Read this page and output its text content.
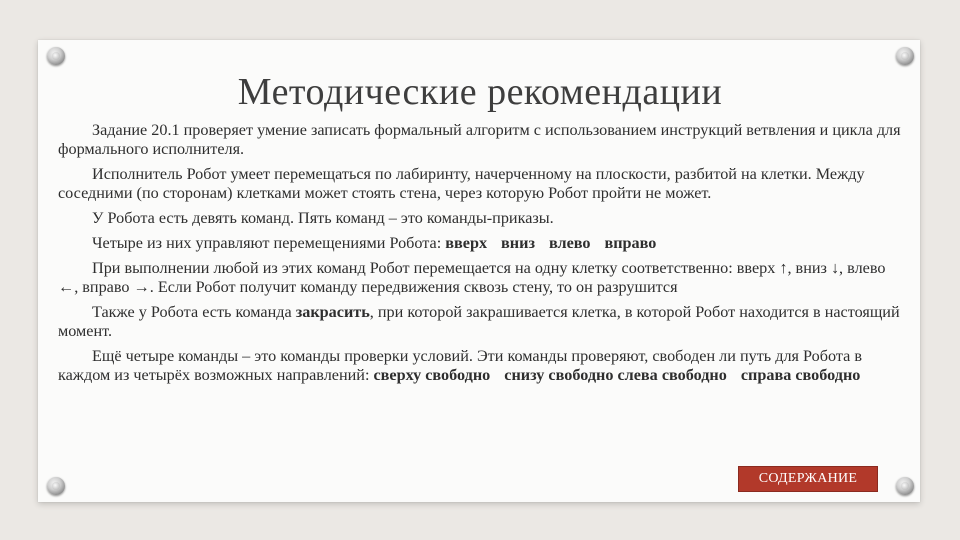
Методические рекомендации

Задание 20.1 проверяет умение записать формальный алгоритм с использованием инструкций ветвления и цикла для формального исполнителя.

Исполнитель Робот умеет перемещаться по лабиринту, начерченному на плоскости, разбитой на клетки. Между соседними (по сторонам) клетками может стоять стена, через которую Робот пройти не может.

У Робота есть девять команд. Пять команд – это команды-приказы.

Четыре из них управляют перемещениями Робота: вверх вниз влево вправо

При выполнении любой из этих команд Робот перемещается на одну клетку соответственно: вверх ↑, вниз ↓, влево ←, вправо →. Если Робот получит команду передвижения сквозь стену, то он разрушится

Также у Робота есть команда закрасить, при которой закрашивается клетка, в которой Робот находится в настоящий момент.

Ещё четыре команды – это команды проверки условий. Эти команды проверяют, свободен ли путь для Робота в каждом из четырёх возможных направлений: сверху свободно снизу свободно слева свободно справа свободно

СОДЕРЖАНИЕ
